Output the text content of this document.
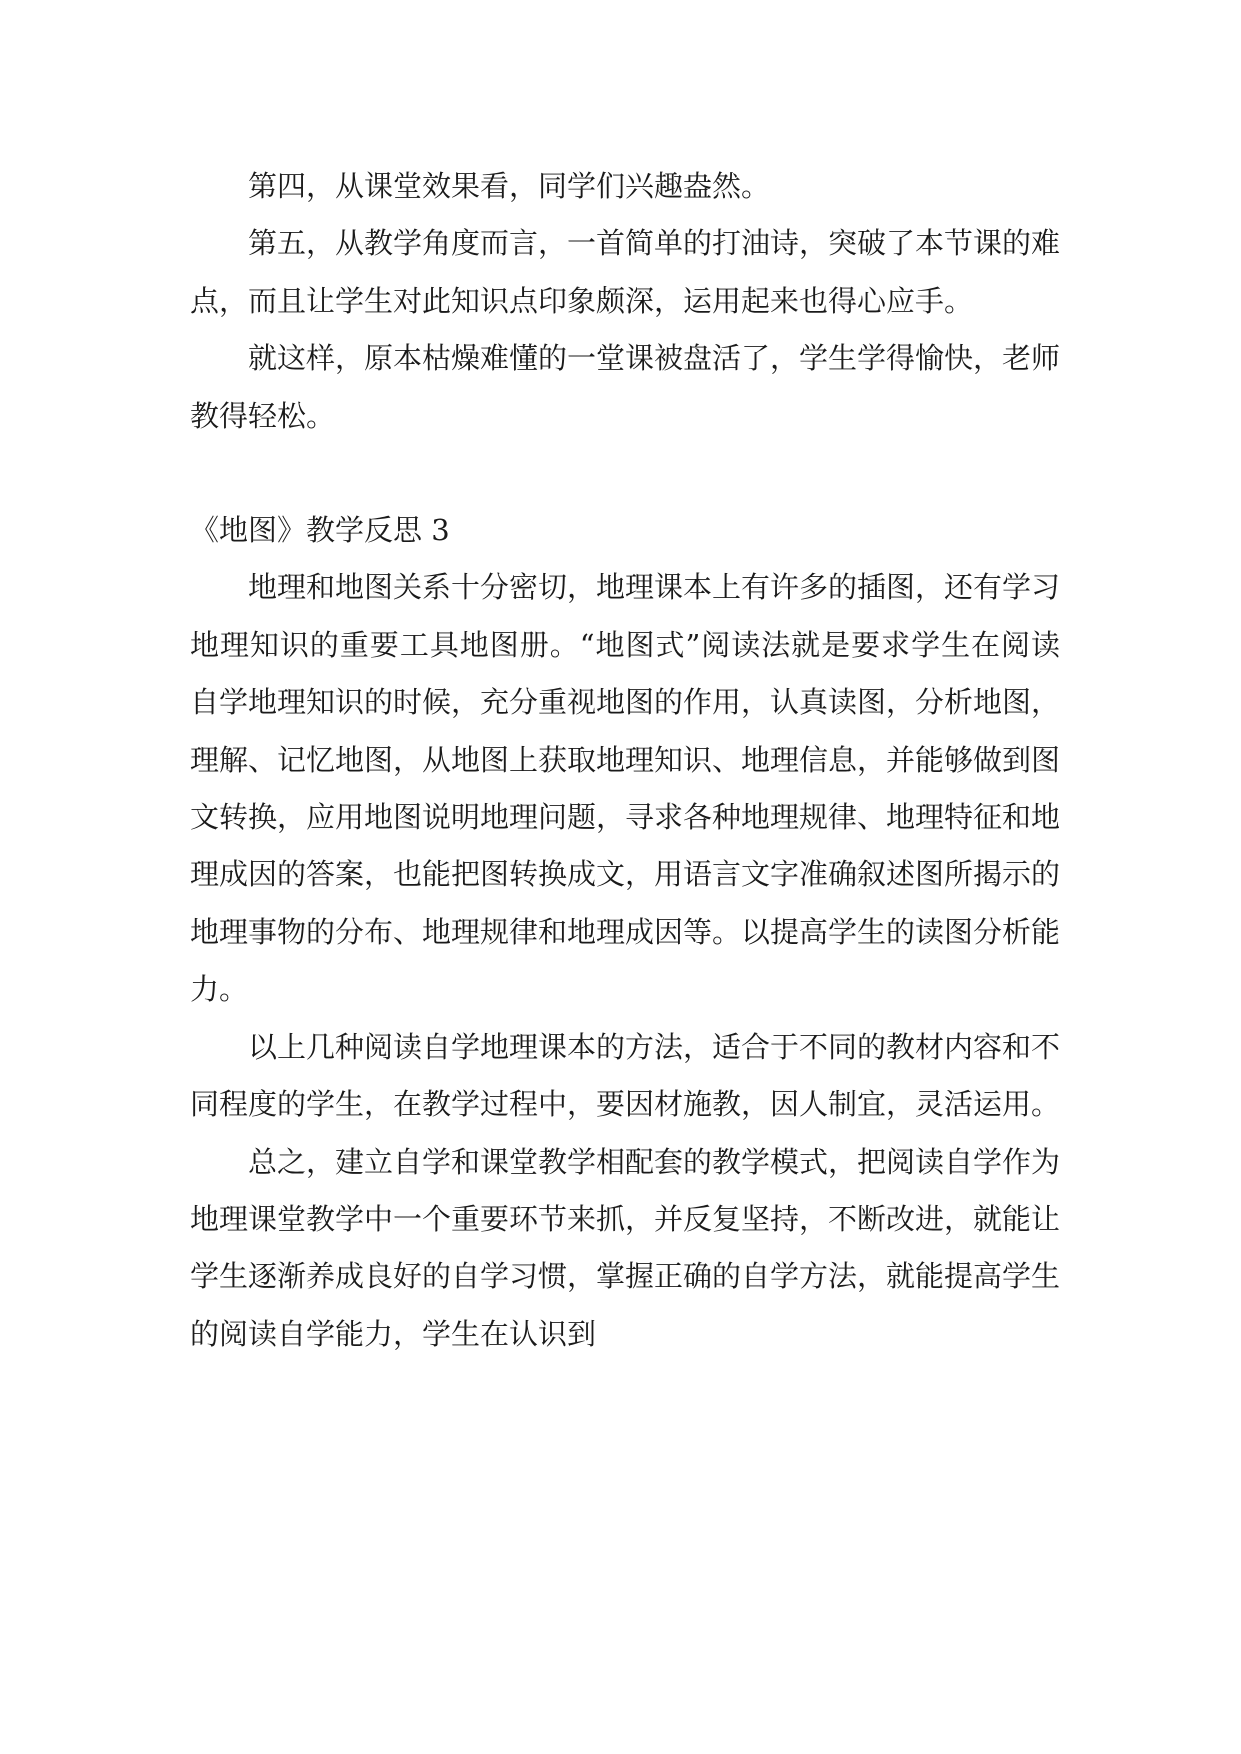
第四，从课堂效果看，同学们兴趣盎然。

第五，从教学角度而言，一首简单的打油诗，突破了本节课的难点，而且让学生对此知识点印象颇深，运用起来也得心应手。

就这样，原本枯燥难懂的一堂课被盘活了，学生学得愉快，老师教得轻松。

《地图》教学反思 3

地理和地图关系十分密切，地理课本上有许多的插图，还有学习地理知识的重要工具地图册。“地图式”阅读法就是要求学生在阅读自学地理知识的时候，充分重视地图的作用，认真读图，分析地图，理解、记忆地图，从地图上获取地理知识、地理信息，并能够做到图文转换，应用地图说明地理问题，寻求各种地理规律、地理特征和地理成因的答案，也能把图转换成文，用语言文字准确叙述图所揭示的地理事物的分布、地理规律和地理成因等。以提高学生的读图分析能力。

以上几种阅读自学地理课本的方法，适合于不同的教材内容和不同程度的学生，在教学过程中，要因材施教，因人制宜，灵活运用。

总之，建立自学和课堂教学相配套的教学模式，把阅读自学作为地理课堂教学中一个重要环节来抓，并反复坚持，不断改进，就能让学生逐渐养成良好的自学习惯，掌握正确的自学方法，就能提高学生的阅读自学能力，学生在认识到
